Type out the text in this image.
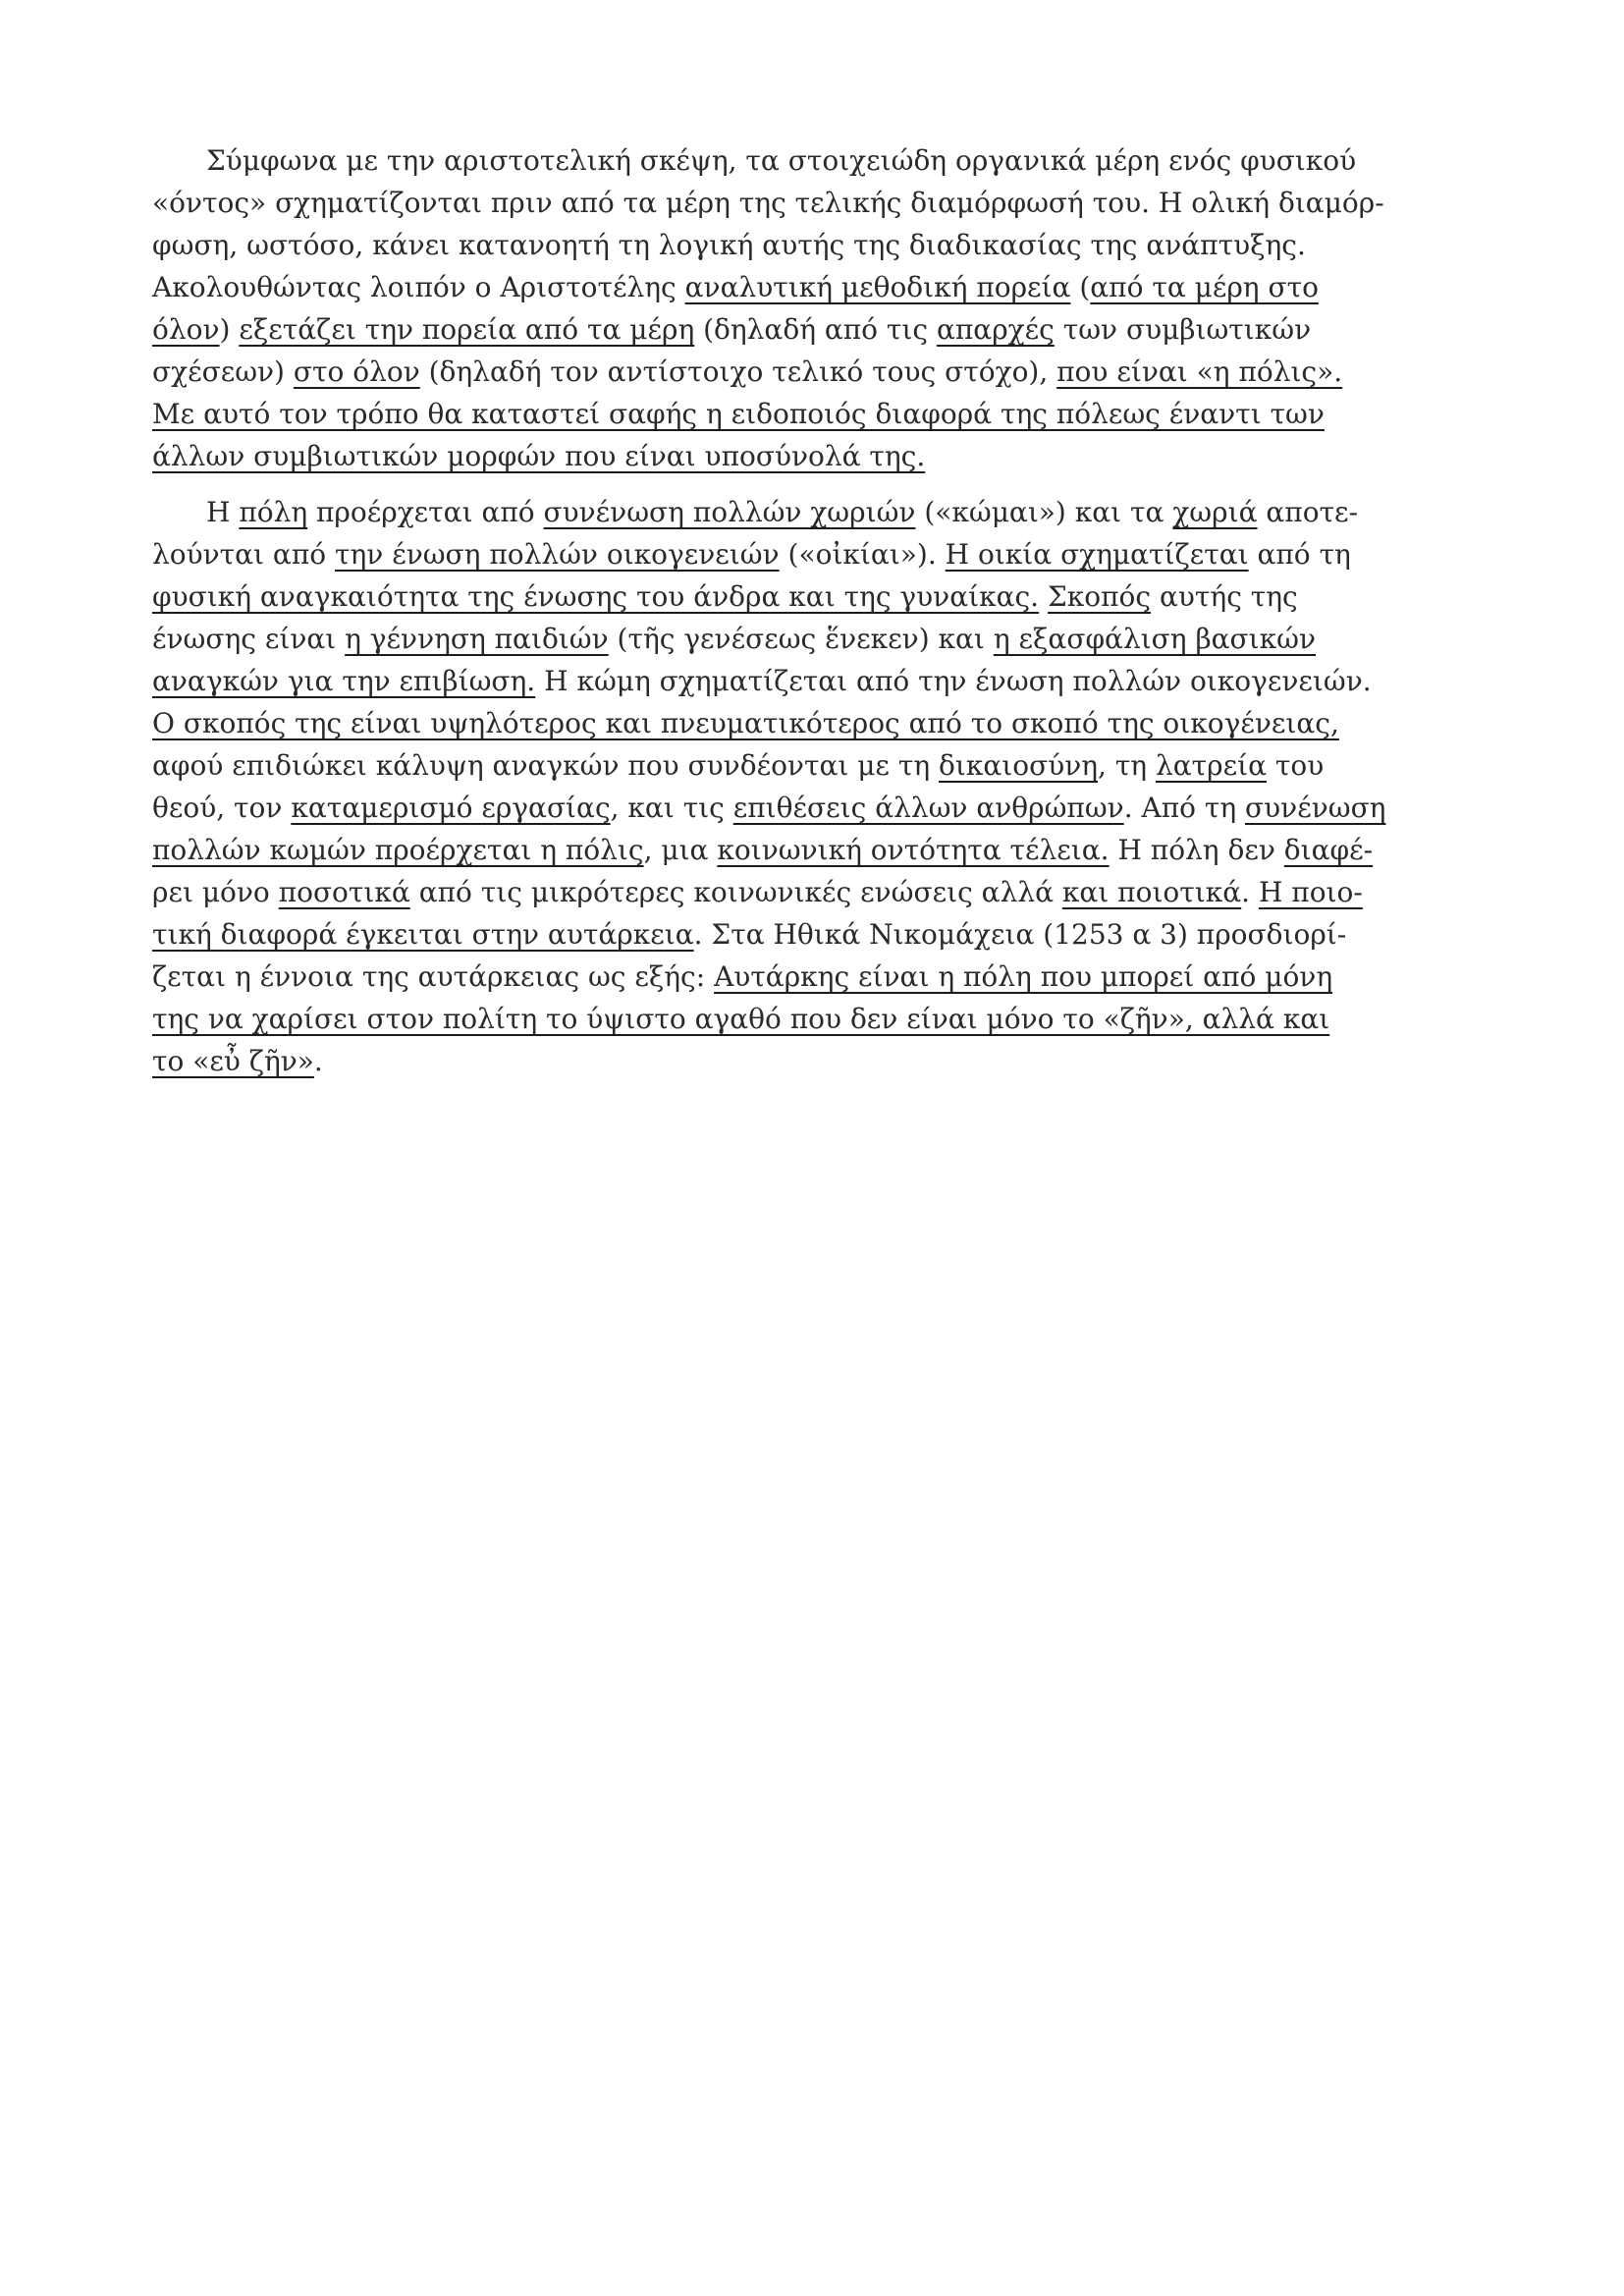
Σύμφωνα με την αριστοτελική σκέψη, τα στοιχειώδη οργανικά μέρη ενός φυσικού
«όντος» σχηματίζονται πριν από τα μέρη της τελικής διαμόρφωσή του. Η ολική διαμόρ-
φωση, ωστόσο, κάνει κατανοητή τη λογική αυτής της διαδικασίας της ανάπτυξης.
Ακολουθώντας λοιπόν ο Αριστοτέλης αναλυτική μεθοδική πορεία (από τα μέρη στο
όλον) εξετάζει την πορεία από τα μέρη (δηλαδή από τις απαρχές των συμβιωτικών
σχέσεων) στο όλον (δηλαδή τον αντίστοιχο τελικό τους στόχο), που είναι «η πόλις».
Με αυτό τον τρόπο θα καταστεί σαφής η ειδοποιός διαφορά της πόλεως έναντι των
άλλων συμβιωτικών μορφών που είναι υποσύνολά της.
Η πόλη προέρχεται από συνένωση πολλών χωριών («κώμαι») και τα χωριά αποτε-
λούνται από την ένωση πολλών οικογενειών («οἰκίαι»). Η οικία σχηματίζεται από τη
φυσική αναγκαιότητα της ένωσης του άνδρα και της γυναίκας. Σκοπός αυτής της
ένωσης είναι η γέννηση παιδιών (τῆς γενέσεως ἕνεκεν) και η εξασφάλιση βασικών
αναγκών για την επιβίωση. Η κώμη σχηματίζεται από την ένωση πολλών οικογενειών.
Ο σκοπός της είναι υψηλότερος και πνευματικότερος από το σκοπό της οικογένειας,
αφού επιδιώκει κάλυψη αναγκών που συνδέονται με τη δικαιοσύνη, τη λατρεία του
θεού, τον καταμερισμό εργασίας, και τις επιθέσεις άλλων ανθρώπων. Από τη συνένωση
πολλών κωμών προέρχεται η πόλις, μια κοινωνική οντότητα τέλεια. Η πόλη δεν διαφέ-
ρει μόνο ποσοτικά από τις μικρότερες κοινωνικές ενώσεις αλλά και ποιοτικά. Η ποιο-
τική διαφορά έγκειται στην αυτάρκεια. Στα Ηθικά Νικομάχεια (1253 α 3) προσδιορί-
ζεται η έννοια της αυτάρκειας ως εξής: Αυτάρκης είναι η πόλη που μπορεί από μόνη
της να χαρίσει στον πολίτη το ύψιστο αγαθό που δεν είναι μόνο το «ζῆν», αλλά και
το «εὖ ζῆν».
